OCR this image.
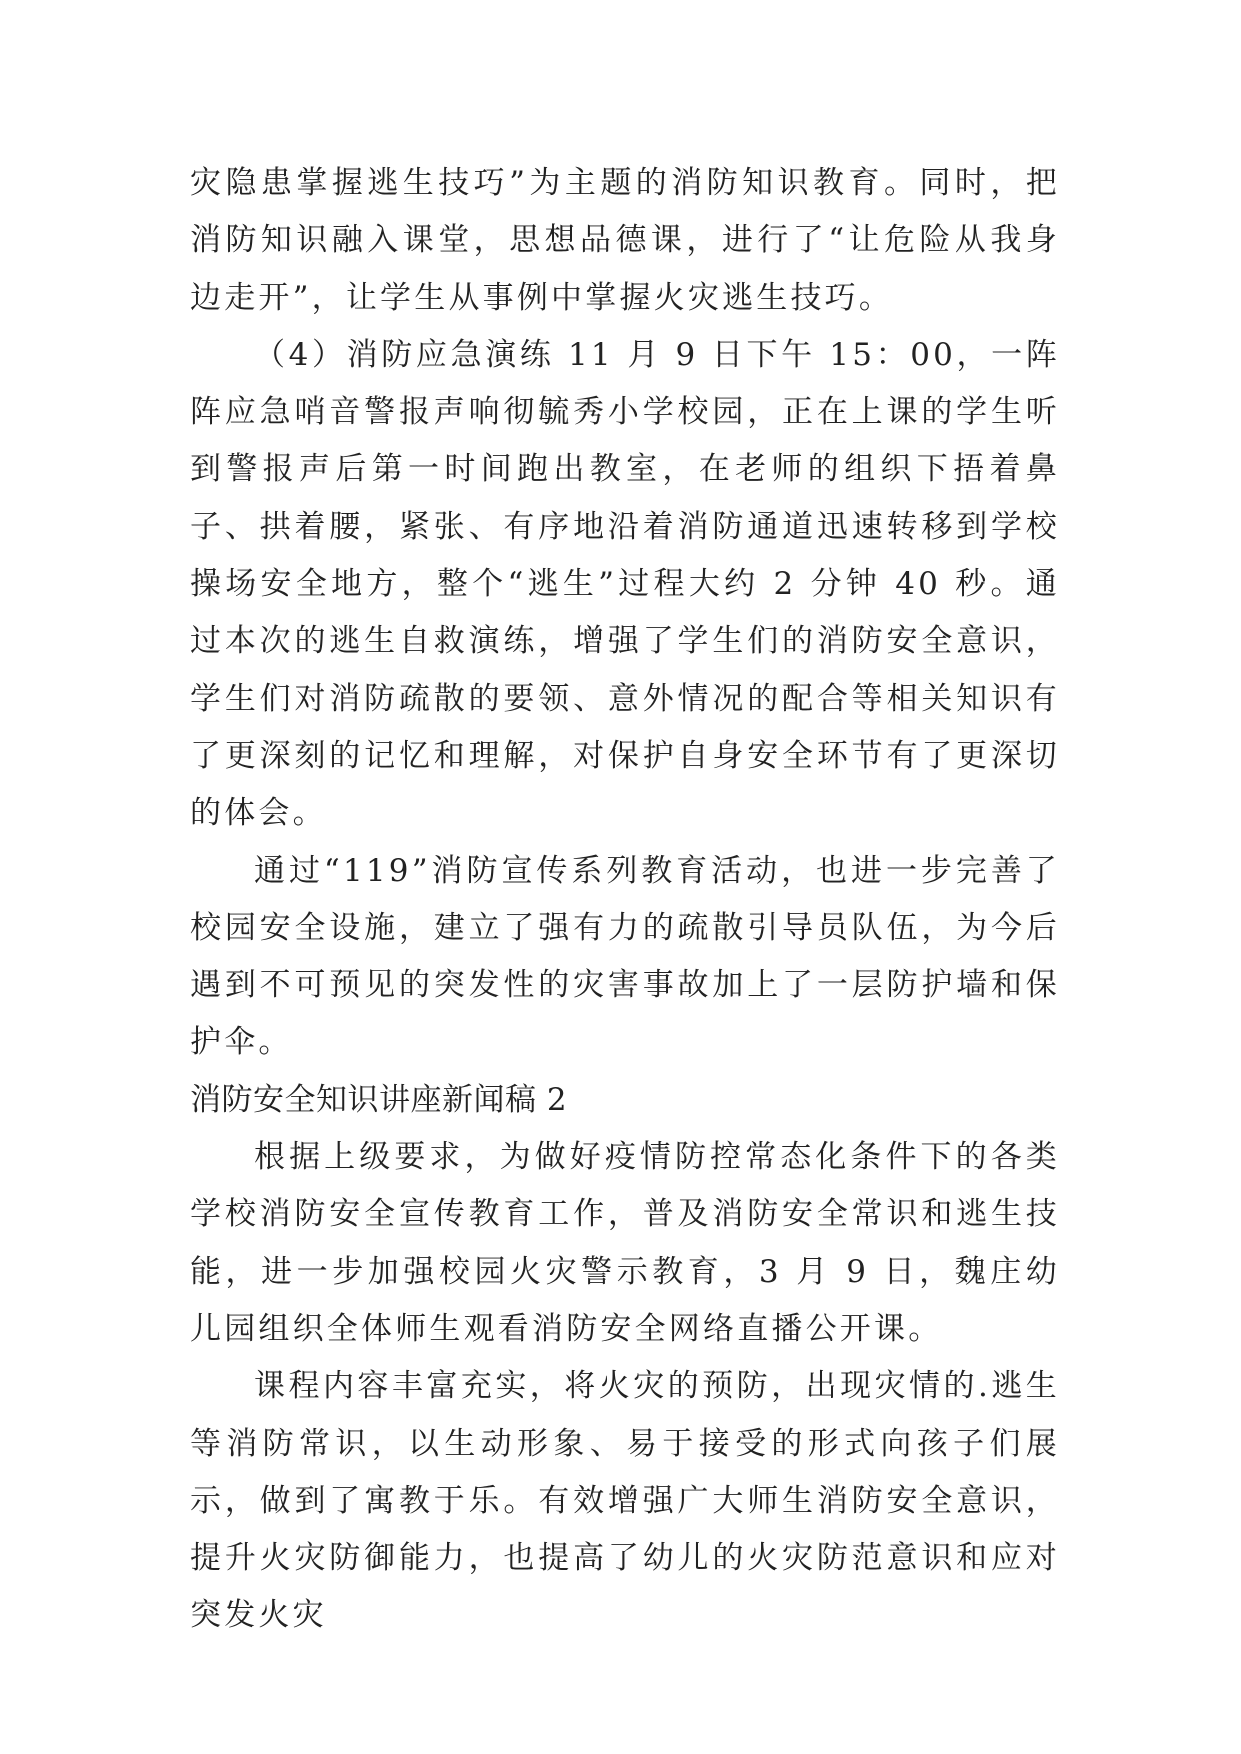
灾隐患掌握逃生技巧”为主题的消防知识教育。同时，把消防知识融入课堂，思想品德课，进行了“让危险从我身边走开”，让学生从事例中掌握火灾逃生技巧。

（4）消防应急演练 11 月 9 日下午 15：00，一阵阵应急哨音警报声响彻毓秀小学校园，正在上课的学生听到警报声后第一时间跑出教室，在老师的组织下捂着鼻子、拱着腰，紧张、有序地沿着消防通道迅速转移到学校操场安全地方，整个“逃生”过程大约 2 分钟 40 秒。通过本次的逃生自救演练，增强了学生们的消防安全意识，学生们对消防疏散的要领、意外情况的配合等相关知识有了更深刻的记忆和理解，对保护自身安全环节有了更深切的体会。

通过“119”消防宣传系列教育活动，也进一步完善了校园安全设施，建立了强有力的疏散引导员队伍，为今后遇到不可预见的突发性的灾害事故加上了一层防护墙和保护伞。

消防安全知识讲座新闻稿 2

根据上级要求，为做好疫情防控常态化条件下的各类学校消防安全宣传教育工作，普及消防安全常识和逃生技能，进一步加强校园火灾警示教育，3 月 9 日，魏庄幼儿园组织全体师生观看消防安全网络直播公开课。

课程内容丰富充实，将火灾的预防，出现灾情的.逃生等消防常识，以生动形象、易于接受的形式向孩子们展示，做到了寓教于乐。有效增强广大师生消防安全意识，提升火灾防御能力，也提高了幼儿的火灾防范意识和应对突发火灾
